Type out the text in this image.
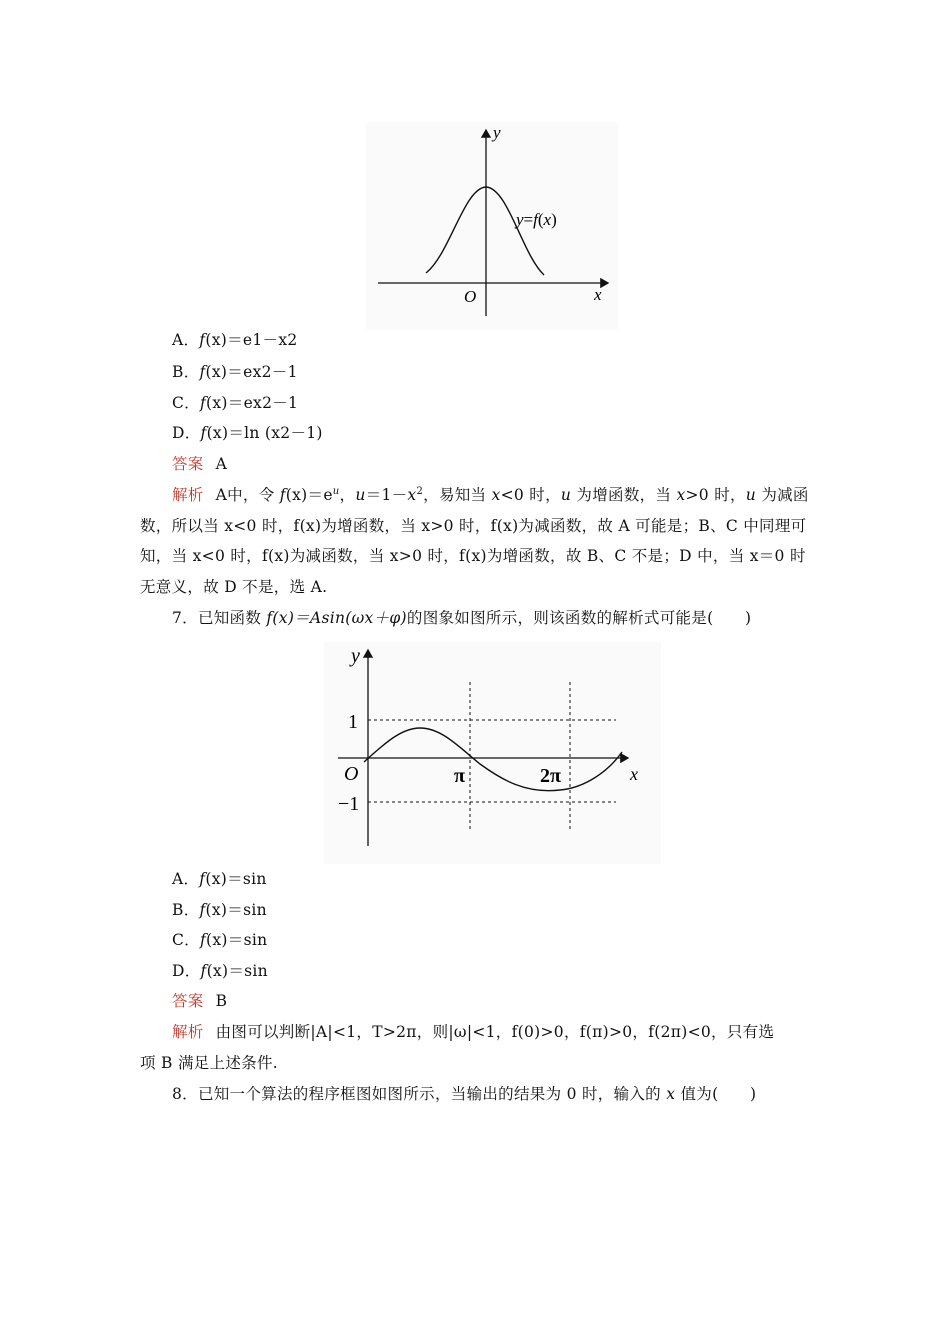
y
x
O
y=f(x)
A．f(x)＝e1－x2
B．f(x)＝ex2－1
C．f(x)＝ex2－1
D．f(x)＝ln (x2－1)
答案 A
解析 A中，令 $f(x)=e^u$，$u=1-x^2$，易知当 x<0 时，u 为增函数，当 x>0 时，u 为减函
数，所以当 x<0 时，f(x)为增函数，当 x>0 时，f(x)为减函数，故 A 可能是；B、C 中同理可
知，当 x<0 时，f(x)为减函数，当 x>0 时，f(x)为增函数，故 B、C 不是；D 中，当 x＝0 时
无意义，故 D 不是，选 A.
7．已知函数 f(x)＝Asin(ωx＋φ)的图象如图所示，则该函数的解析式可能是(　　)
y
x
O
1
−1
π	2π
A．f(x)＝sin
B．f(x)＝sin
C．f(x)＝sin
D．f(x)＝sin
答案 B
解析 由图可以判断|A|<1，T>2π，则|ω|<1，f(0)>0，f(π)>0，f(2π)<0，只有选
项 B 满足上述条件.
8．已知一个算法的程序框图如图所示，当输出的结果为 0 时，输入的 x 值为(　　)
